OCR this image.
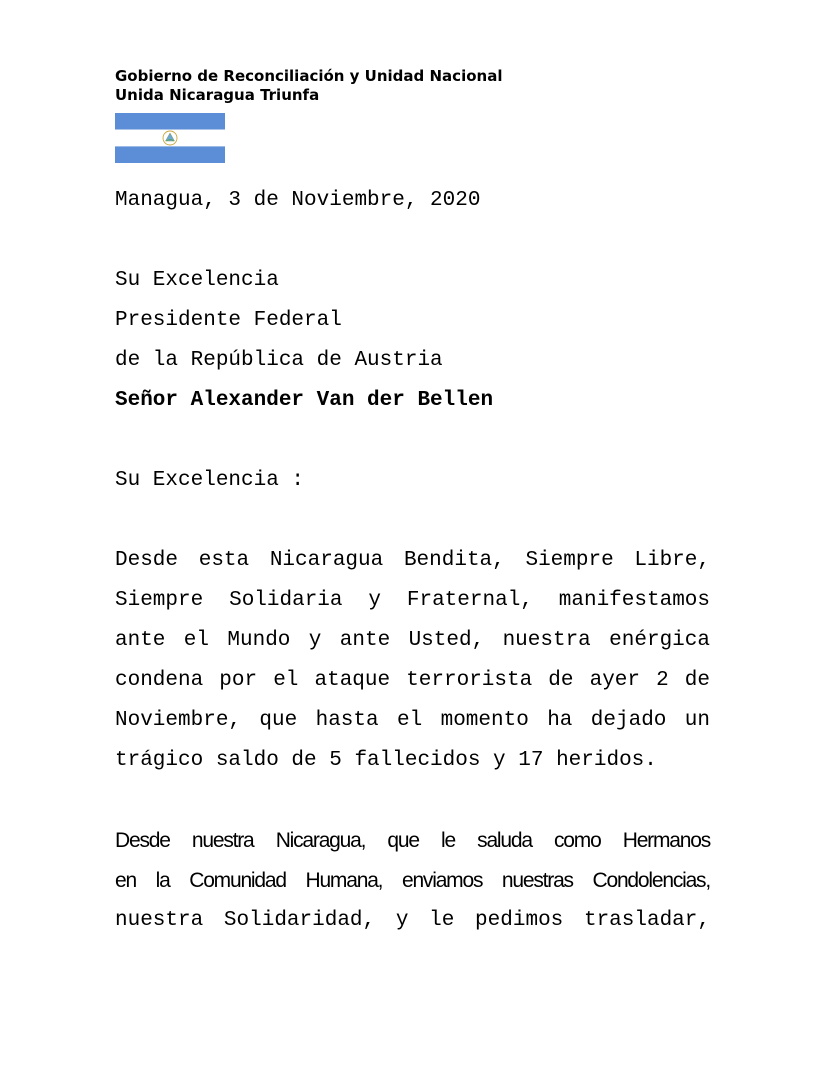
Gobierno de Reconciliación y Unidad Nacional
Unida Nicaragua Triunfa
Managua, 3 de Noviembre, 2020
Su Excelencia
Presidente Federal
de la República de Austria
Señor Alexander Van der Bellen
Su Excelencia :
Desde esta Nicaragua Bendita, Siempre Libre,
Siempre Solidaria y Fraternal, manifestamos
ante el Mundo y ante Usted, nuestra enérgica
condena por el ataque terrorista de ayer 2 de
Noviembre, que hasta el momento ha dejado un
trágico saldo de 5 fallecidos y 17 heridos.
Desde nuestra Nicaragua, que le saluda como Hermanos
en la Comunidad Humana, enviamos nuestras Condolencias,
nuestra Solidaridad, y le pedimos trasladar,
